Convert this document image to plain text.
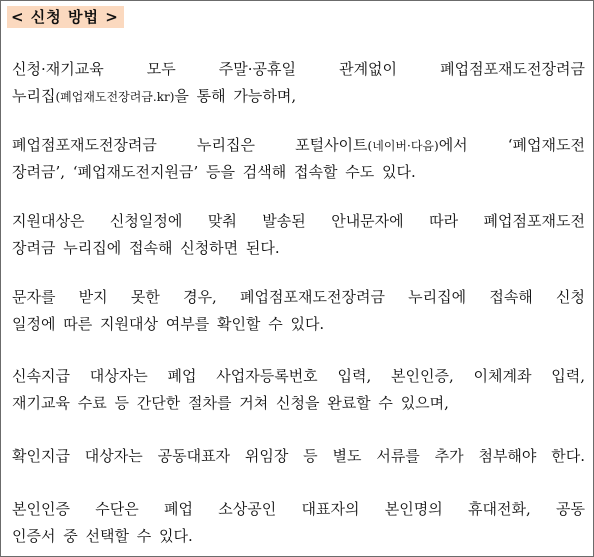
< 신청 방법 >
신청·재기교육 모두 주말·공휴일 관계없이 폐업점포재도전장려금
누리집(폐업재도전장려금.kr)을 통해 가능하며,
폐업점포재도전장려금 누리집은 포털사이트(네이버·다음)에서 ‘폐업재도전
장려금’, ‘폐업재도전지원금’ 등을 검색해 접속할 수도 있다.
지원대상은 신청일정에 맞춰 발송된 안내문자에 따라 폐업점포재도전
장려금 누리집에 접속해 신청하면 된다.
문자를 받지 못한 경우, 폐업점포재도전장려금 누리집에 접속해 신청
일정에 따른 지원대상 여부를 확인할 수 있다.
신속지급 대상자는 폐업 사업자등록번호 입력, 본인인증, 이체계좌 입력,
재기교육 수료 등 간단한 절차를 거쳐 신청을 완료할 수 있으며,
확인지급 대상자는 공동대표자 위임장 등 별도 서류를 추가 첨부해야 한다.
본인인증 수단은 폐업 소상공인 대표자의 본인명의 휴대전화, 공동
인증서 중 선택할 수 있다.
